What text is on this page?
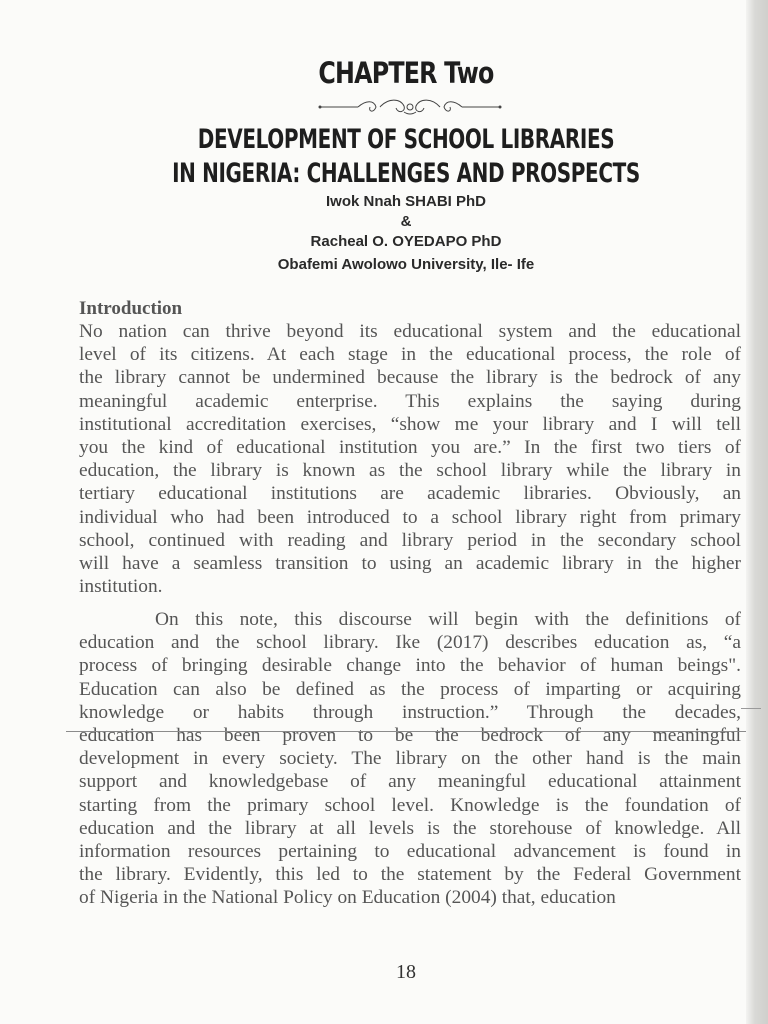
CHAPTER Two
DEVELOPMENT OF SCHOOL LIBRARIES
IN NIGERIA: CHALLENGES AND PROSPECTS
Iwok Nnah SHABI PhD
&
Racheal O. OYEDAPO PhD
Obafemi Awolowo University, Ile- Ife
Introduction
No nation can thrive beyond its educational system and the educational
level of its citizens. At each stage in the educational process, the role of
the library cannot be undermined because the library is the bedrock of any
meaningful academic enterprise. This explains the saying during
institutional accreditation exercises, “show me your library and I will tell
you the kind of educational institution you are.” In the first two tiers of
education, the library is known as the school library while the library in
tertiary educational institutions are academic libraries. Obviously, an
individual who had been introduced to a school library right from primary
school, continued with reading and library period in the secondary school
will have a seamless transition to using an academic library in the higher
institution.
On this note, this discourse will begin with the definitions of
education and the school library. Ike (2017) describes education as, “a
process of bringing desirable change into the behavior of human beings".
Education can also be defined as the process of imparting or acquiring
knowledge or habits through instruction.” Through the decades,
education has been proven to be the bedrock of any meaningful
development in every society. The library on the other hand is the main
support and knowledgebase of any meaningful educational attainment
starting from the primary school level. Knowledge is the foundation of
education and the library at all levels is the storehouse of knowledge. All
information resources pertaining to educational advancement is found in
the library. Evidently, this led to the statement by the Federal Government
of Nigeria in the National Policy on Education (2004) that, education
18
